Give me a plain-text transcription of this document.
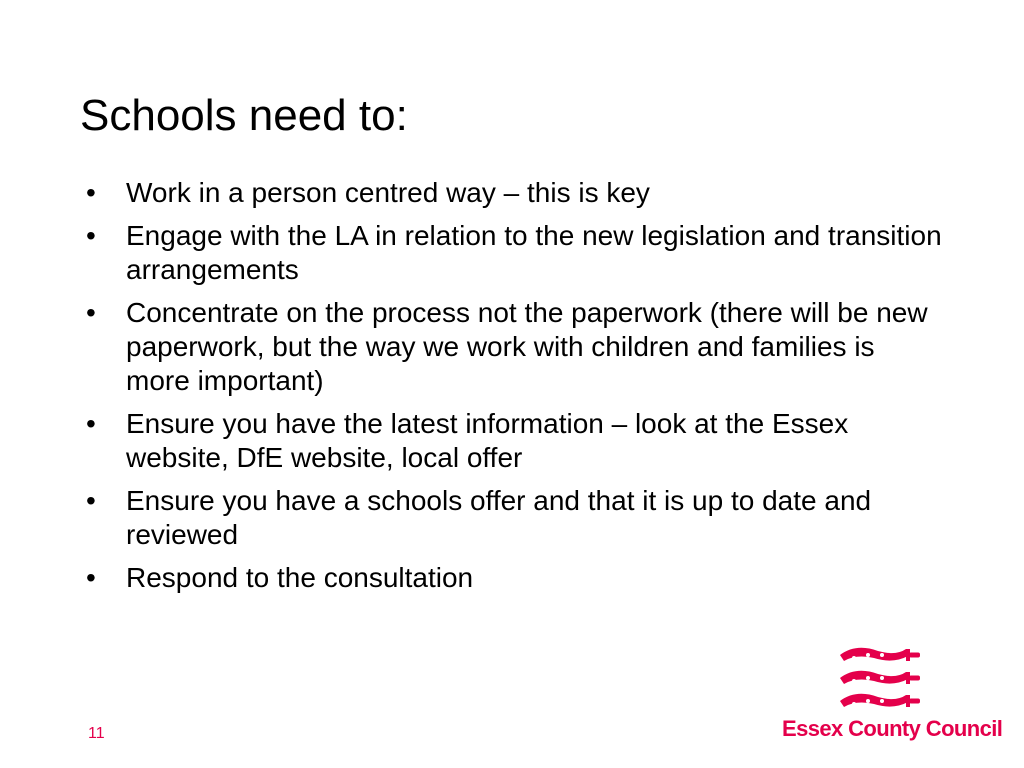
Schools need to:
• Work in a person centred way – this is key
• Engage with the LA in relation to the new legislation and transition arrangements
• Concentrate on the process not the paperwork (there will be new paperwork, but the way we work with children and families is more important)
• Ensure you have the latest information – look at the Essex website, DfE website, local offer
• Ensure you have a schools offer and that it is up to date and reviewed
• Respond to the consultation
11	Essex County Council
